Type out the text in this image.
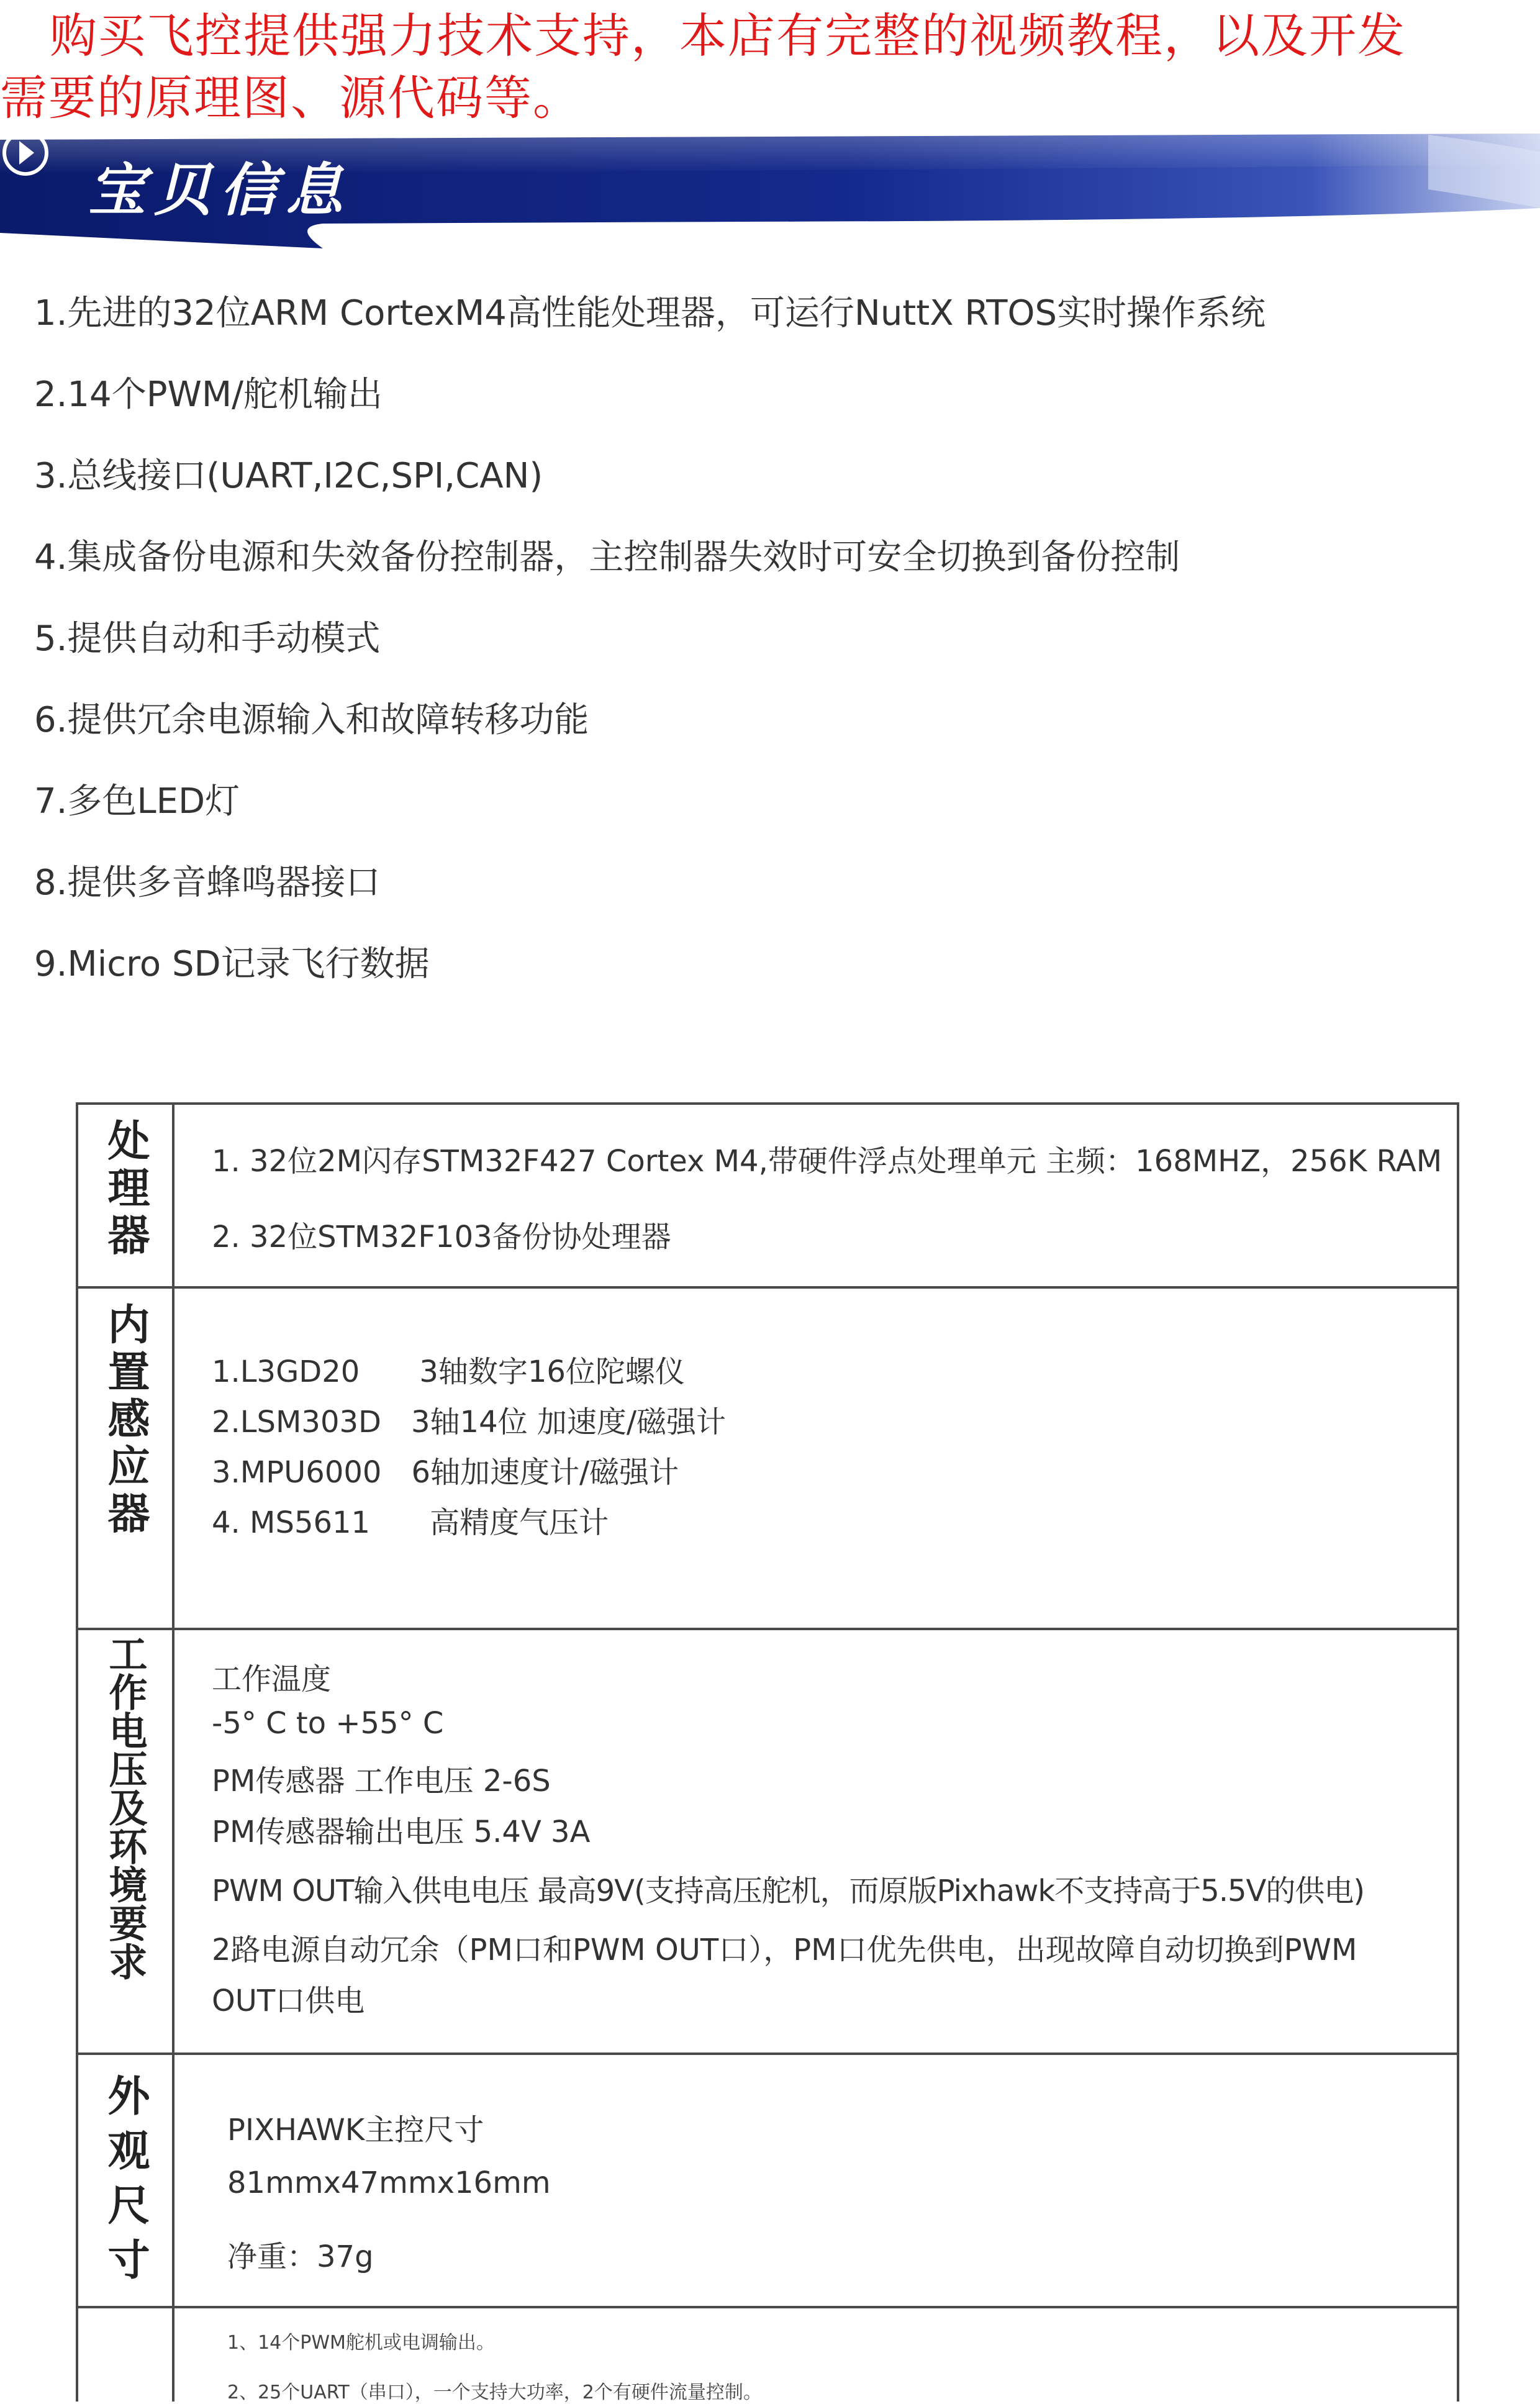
购买飞控提供强力技术支持，本店有完整的视频教程，以及开发需要的原理图、源代码等。
宝贝信息
1.先进的32位ARM CortexM4高性能处理器，可运行NuttX RTOS实时操作系统
2.14个PWM/舵机输出
3.总线接口(UART,I2C,SPI,CAN)
4.集成备份电源和失效备份控制器，主控制器失效时可安全切换到备份控制
5.提供自动和手动模式
6.提供冗余电源输入和故障转移功能
7.多色LED灯
8.提供多音蜂鸣器接口
9.Micro SD记录飞行数据
处理器 1. 32位2M闪存STM32F427 Cortex M4,带硬件浮点处理单元 主频：168MHZ，256K RAM
2. 32位STM32F103备份协处理器
内置感应器 1.L3GD20　　3轴数字16位陀螺仪
2.LSM303D　3轴14位 加速度/磁强计
3.MPU6000　6轴加速度计/磁强计
4. MS5611　　高精度气压计
工作电压及环境要求 工作温度
-5° C to +55° C
PM传感器 工作电压 2-6S
PM传感器输出电压 5.4V 3A
PWM OUT输入供电电压 最高9V(支持高压舵机，而原版Pixhawk不支持高于5.5V的供电)
2路电源自动冗余（PM口和PWM OUT口），PM口优先供电，出现故障自动切换到PWM
OUT口供电
外观尺寸	PIXHAWK主控尺寸
81mmx47mmx16mm
净重：37g
1、14个PWM舵机或电调输出。
2、25个UART（串口），一个支持大功率，2个有硬件流量控制。
